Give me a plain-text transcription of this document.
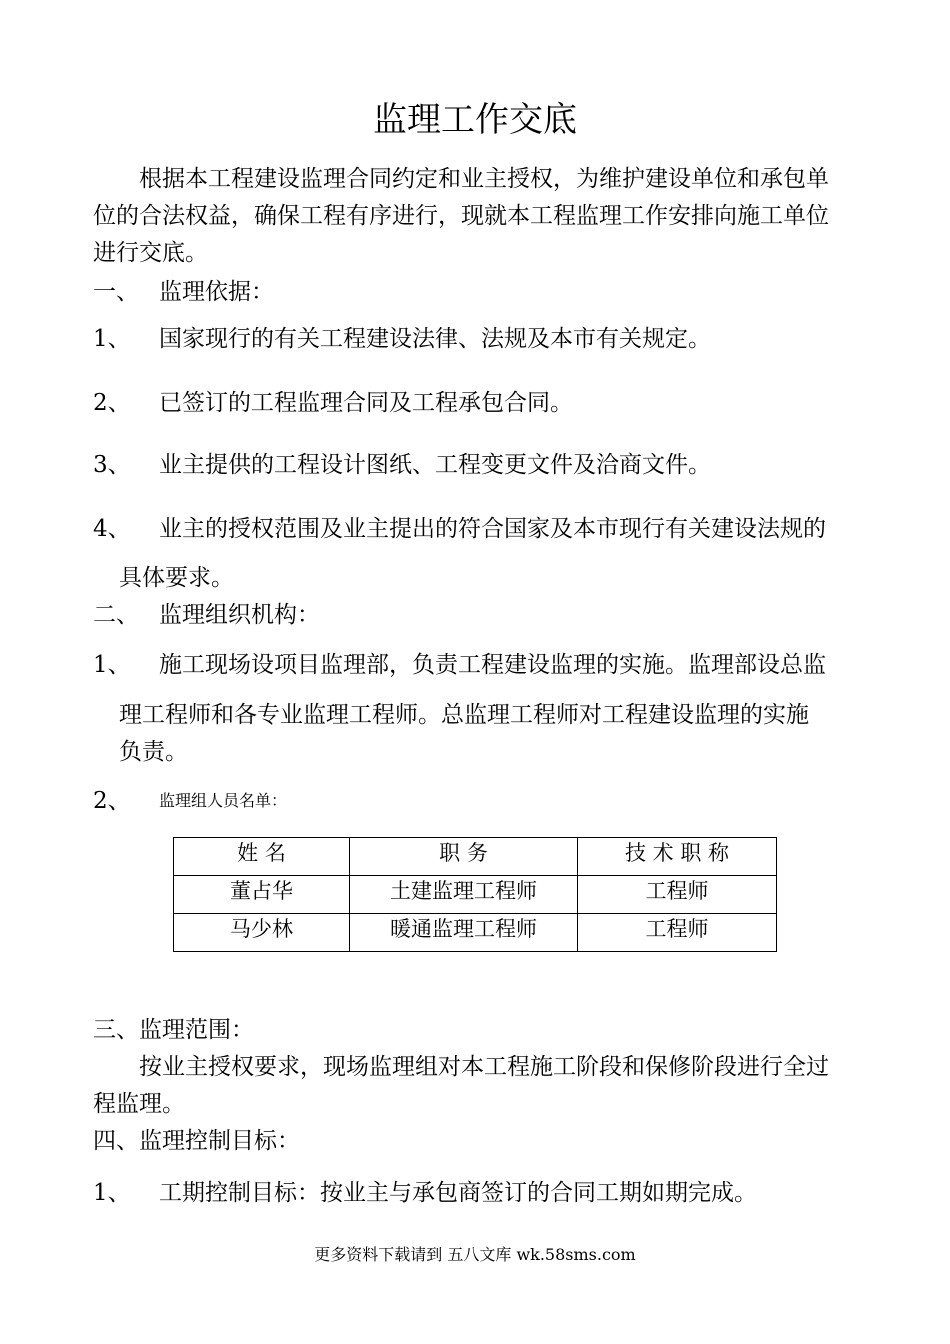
监理工作交底
根据本工程建设监理合同约定和业主授权，为维护建设单位和承包单
位的合法权益，确保工程有序进行，现就本工程监理工作安排向施工单位
进行交底。
一、 监理依据：
1、 国家现行的有关工程建设法律、法规及本市有关规定。
2、 已签订的工程监理合同及工程承包合同。
3、 业主提供的工程设计图纸、工程变更文件及洽商文件。
4、 业主的授权范围及业主提出的符合国家及本市现行有关建设法规的
具体要求。
二、 监理组织机构：
1、 施工现场设项目监理部，负责工程建设监理的实施。监理部设总监
理工程师和各专业监理工程师。总监理工程师对工程建设监理的实施
负责。
2、 监理组人员名单：
姓 名	职 务	技 术 职 称
董占华	土建监理工程师	工程师
马少林	暖通监理工程师	工程师
三、监理范围：
按业主授权要求，现场监理组对本工程施工阶段和保修阶段进行全过
程监理。
四、监理控制目标：
1、 工期控制目标：按业主与承包商签订的合同工期如期完成。
更多资料下载请到 五八文库 wk.58sms.com
